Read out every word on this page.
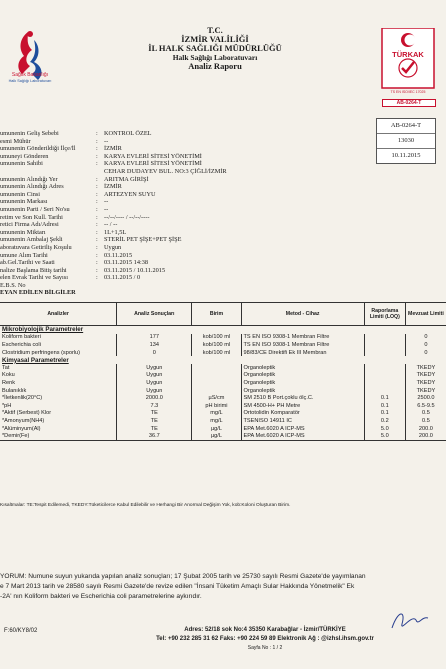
Sağlık Bakanlığı
Halk Sağlığı Laboratuvarı
T.C.
İZMİR VALİLİĞİ
İL HALK SAĞLIĞI MÜDÜRLÜĞÜ
Halk Sağlığı Laboratuvarı
Analiz Raporu
TÜRKAK
TS EN ISO/IEC 17025
AB-0264-T
AB-0264-T
13030
10.11.2015
umunenin Geliş Sebebi	: KONTROL ÖZEL
esmi Mühür	: --
umunenin Gönderildiği İlçe/İl	: İZMİR
umuneyi Gönderen	: KARYA EVLERİ SİTESİ YÖNETİMİ
umunenin Sahibi	: KARYA EVLERİ SİTESİ YÖNETİMİ
CEHAR DUDAYEV BUL. NO:3 ÇİĞLİ/İZMİR
umunenin Alındığı Yer	: ARITMA GİRİŞİ
umunenin Alındığı Adres	: İZMİR
umunenin Cinsi	: ARTEZYEN SUYU
umunenin Markası	: --
umunenin Parti / Seri No'su	: --
retim ve Son Kull. Tarihi	: --/--/---- / --/--/----
retici Firma Adı/Adresi	: -- / --
umunenin Miktarı	: 1L+1,5L
umunenin Ambalaj Şekli	: STERİL PET ŞİŞE+PET ŞİŞE
aboratuvara Getiriliş Koşulu	: Uygun
umune Alım Tarihi	: 03.11.2015
ab.Gel.Tarihi ve Saati	: 03.11.2015 14:38
nalize Başlama Bitiş tarihi	: 03.11.2015 / 10.11.2015
elen Evrak Tarihi ve Sayısı	: 03.11.2015 / 0
E.B.S. No
EYAN EDİLEN BİLGİLER
Analizler	Analiz Sonuçları	Birim	Metod - Cihaz	Raporlama Limiti (LOQ)	Mevzuat Limiti
Mikrobiyolojik Parametreler					
Koliform bakteri	177	kob/100 ml	TS EN ISO 9308-1 Membran Filtre		0
Escherichia coli	134	kob/100 ml	TS EN ISO 9308-1 Membran Filtre		0
Clostridium perfringens (sporlu)	0	kob/100 ml	98/83/CE Direktifi Ek III Membran		0
Kimyasal Parametreler					
Tat	Uygun		Organoleptik		TKEDY
Koku	Uygun		Organoleptik		TKEDY
Renk	Uygun		Organoleptik		TKEDY
Bulanıklık	Uygun		Organoleptik		TKEDY
*İletkenlik(20°C)	2000.0	µS/cm	SM 2510 B Port.çoklu ölç.C.	0.1	2500.0
*pH	7.3	pH birimi	SM 4500-H+ PH Metre	0.1	6.5-9.5
*Aktif (Serbest) Klor	TE	mg/L	Ortotolidin Komparatör	0.1	0.5
*Amonyum(NH4)	TE	mg/L	TSENISO 14911 IC	0.2	0.5
*Alüminyum(Al)	TE	µg/L	EPA Met.6020 A ICP-MS	5.0	200.0
*Demir(Fe)	36.7	µg/L	EPA Met.6020 A ICP-MS	5.0	200.0

Kısaltmalar: TE:Tespit Edilemedi, TKEDY:Tüketicilerce Kabul Edilebilir ve Herhangi Bir Anormal Değişim Yok, kob:Koloni Oluşturan Birim.
YORUM: Numune suyun yukarıda yapılan analiz sonuçları; 17 Şubat 2005 tarih ve 25730 sayılı Resmi Gazete'de yayımlanan
e 7 Mart 2013 tarih ve 28580 sayılı Resmi Gazete'de revize edilen "İnsani Tüketim Amaçlı Sular Hakkında Yönetmelik" Ek
-2A' nın Koliform bakteri ve Escherichia coli parametrelerine aykırıdır.
F:60/KY8/02	Adres: 52/18 sok No:4 35350 Karabağlar - İzmir/TÜRKİYE
Tel: +90 232 285 31 62 Faks: +90 224 59 89 Elektronik Ağ : @izhsl.ihsm.gov.tr
Sayfa No : 1 / 2
